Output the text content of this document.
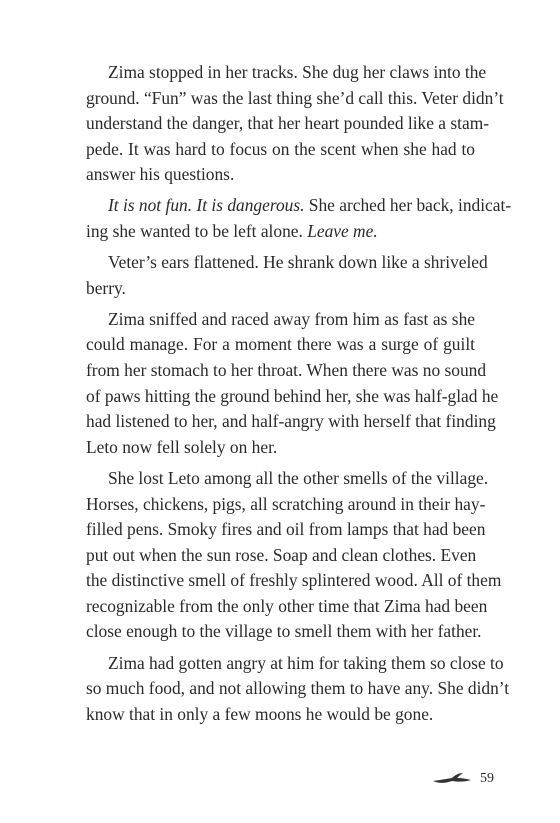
Zima stopped in her tracks. She dug her claws into the
ground. “Fun” was the last thing she’d call this. Veter didn’t
understand the danger, that her heart pounded like a stam-
pede. It was hard to focus on the scent when she had to
answer his questions.
It is not fun. It is dangerous. She arched her back, indicat-
ing she wanted to be left alone. Leave me.
Veter’s ears flattened. He shrank down like a shriveled
berry.
Zima sniffed and raced away from him as fast as she
could manage. For a moment there was a surge of guilt
from her stomach to her throat. When there was no sound
of paws hitting the ground behind her, she was half-glad he
had listened to her, and half-angry with herself that finding
Leto now fell solely on her.
She lost Leto among all the other smells of the village.
Horses, chickens, pigs, all scratching around in their hay-
filled pens. Smoky fires and oil from lamps that had been
put out when the sun rose. Soap and clean clothes. Even
the distinctive smell of freshly splintered wood. All of them
recognizable from the only other time that Zima had been
close enough to the village to smell them with her father.
Zima had gotten angry at him for taking them so close to
so much food, and not allowing them to have any. She didn’t
know that in only a few moons he would be gone.
59
